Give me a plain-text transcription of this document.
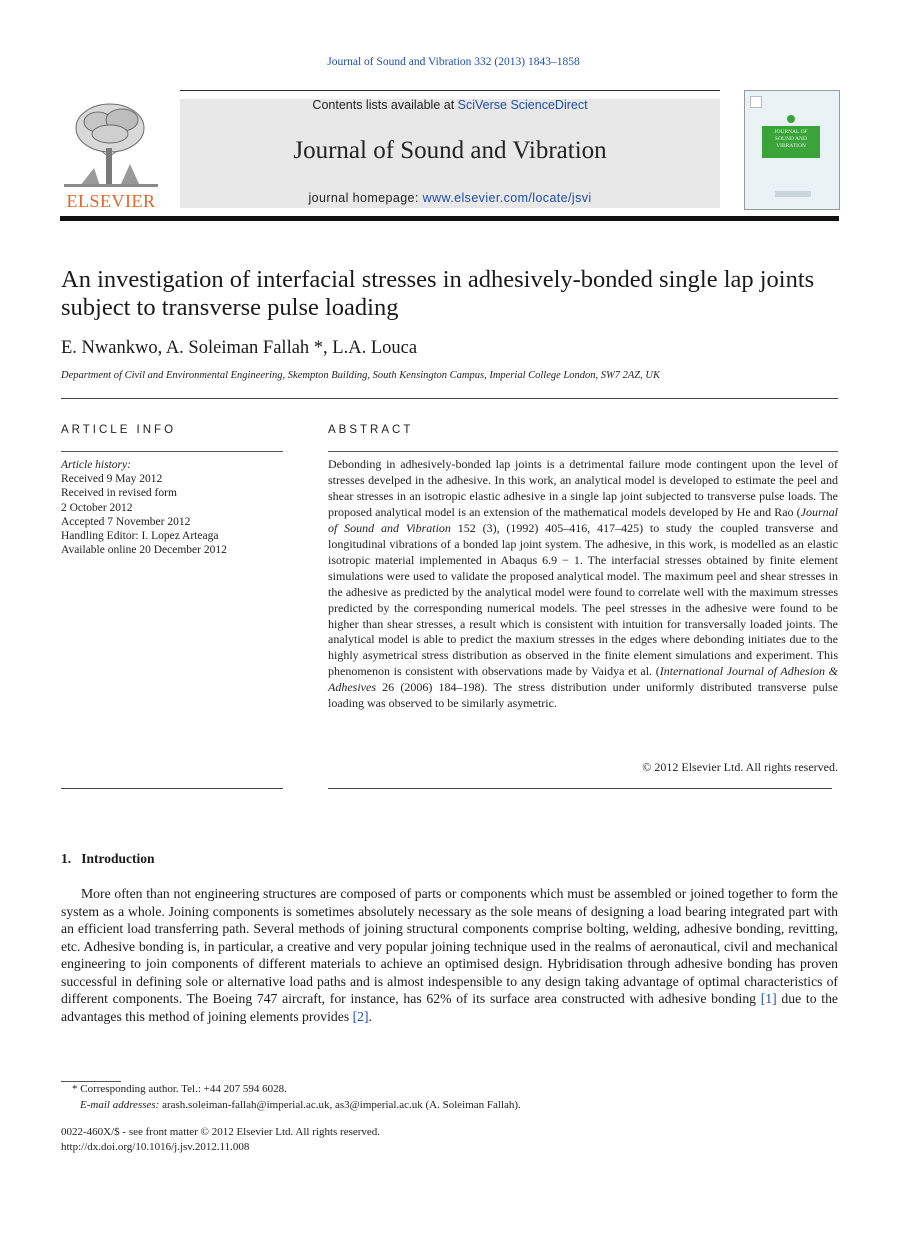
Journal of Sound and Vibration 332 (2013) 1843–1858
Contents lists available at SciVerse ScienceDirect
Journal of Sound and Vibration
journal homepage: www.elsevier.com/locate/jsvi
ELSEVIER
JOURNAL OF
SOUND AND
VIBRATION
An investigation of interfacial stresses in adhesively-bonded single lap joints subject to transverse pulse loading
E. Nwankwo, A. Soleiman Fallah *, L.A. Louca
Department of Civil and Environmental Engineering, Skempton Building, South Kensington Campus, Imperial College London, SW7 2AZ, UK
ARTICLE INFO
Article history:
Received 9 May 2012
Received in revised form
2 October 2012
Accepted 7 November 2012
Handling Editor: I. Lopez Arteaga
Available online 20 December 2012
ABSTRACT
Debonding in adhesively-bonded lap joints is a detrimental failure mode contingent upon the level of stresses develped in the adhesive. In this work, an analytical model is developed to estimate the peel and shear stresses in an isotropic elastic adhesive in a single lap joint subjected to transverse pulse loads. The proposed analytical model is an extension of the mathematical models developed by He and Rao (Journal of Sound and Vibration 152 (3), (1992) 405–416, 417–425) to study the coupled transverse and longitudinal vibrations of a bonded lap joint system. The adhesive, in this work, is modelled as an elastic isotropic material implemented in Abaqus 6.9 − 1. The interfacial stresses obtained by finite element simulations were used to validate the proposed analytical model. The maximum peel and shear stresses in the adhesive as predicted by the analytical model were found to correlate well with the maximum stresses predicted by the corresponding numerical models. The peel stresses in the adhesive were found to be higher than shear stresses, a result which is consistent with intuition for transversally loaded joints. The analytical model is able to predict the maxium stresses in the edges where debonding initiates due to the highly asymetrical stress distribution as observed in the finite element simulations and experiment. This phenomenon is consistent with observations made by Vaidya et al. (International Journal of Adhesion & Adhesives 26 (2006) 184–198). The stress distribution under uniformly distributed transverse pulse loading was observed to be similarly asymetric.
© 2012 Elsevier Ltd. All rights reserved.
1.   Introduction
More often than not engineering structures are composed of parts or components which must be assembled or joined together to form the system as a whole. Joining components is sometimes absolutely necessary as the sole means of designing a load bearing integrated part with an efficient load transferring path. Several methods of joining structural components comprise bolting, welding, adhesive bonding, revitting, etc. Adhesive bonding is, in particular, a creative and very popular joining technique used in the realms of aeronautical, civil and mechanical engineering to join components of different materials to achieve an optimised design. Hybridisation through adhesive bonding has proven successful in defining sole or alternative load paths and is almost indespensible to any design taking advantage of optimal characteristics of different components. The Boeing 747 aircraft, for instance, has 62% of its surface area constructed with adhesive bonding [1] due to the advantages this method of joining elements provides [2].
* Corresponding author. Tel.: +44 207 594 6028.
E-mail addresses: arash.soleiman-fallah@imperial.ac.uk, as3@imperial.ac.uk (A. Soleiman Fallah).
0022-460X/$ - see front matter © 2012 Elsevier Ltd. All rights reserved.
http://dx.doi.org/10.1016/j.jsv.2012.11.008
